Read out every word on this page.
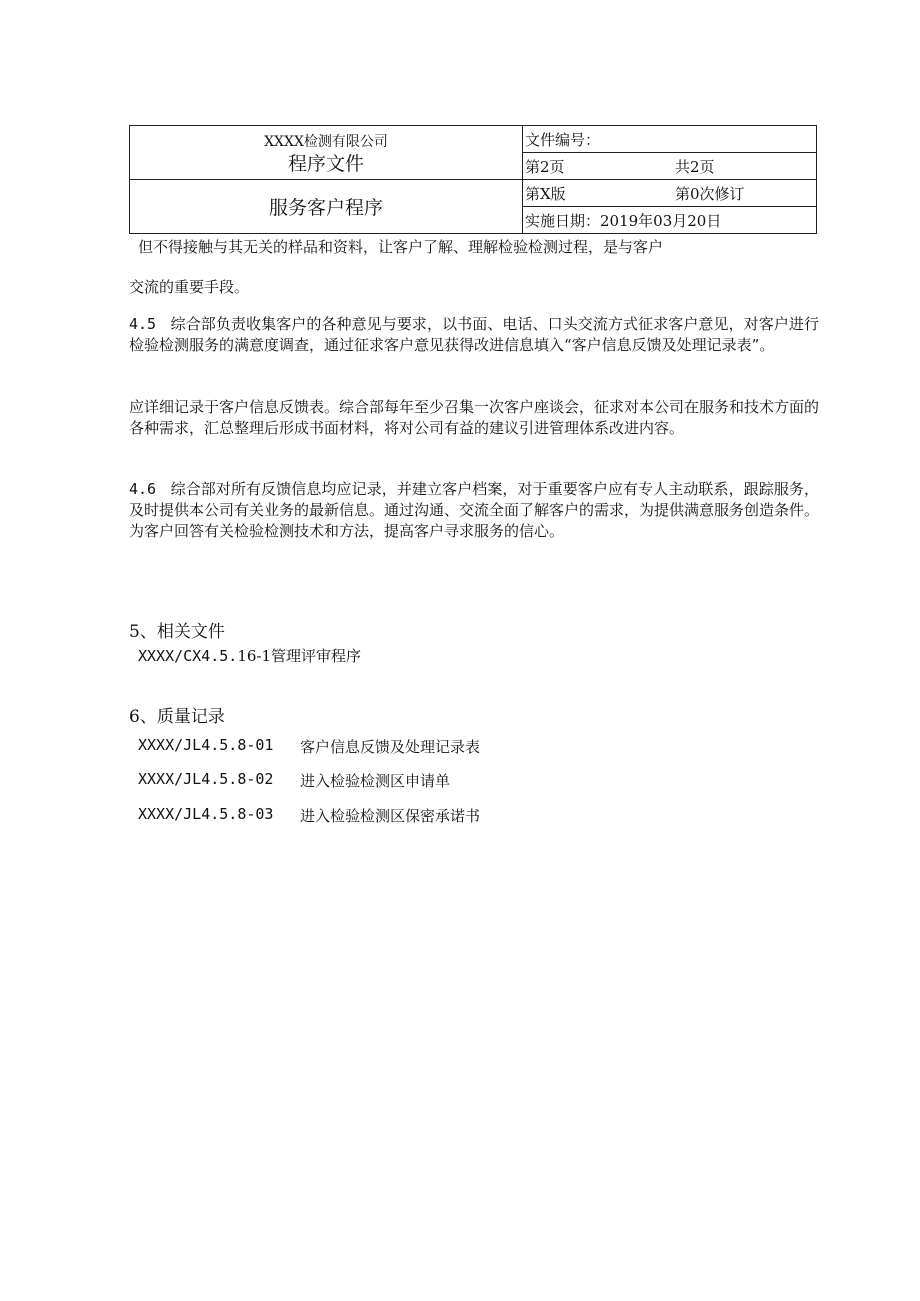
XXXX检测有限公司
程序文件	文件编号：
	第2页 共2页
服务客户程序	第X版 第0次修订
	实施日期：2019年03月20日
但不得接触与其无关的样品和资料，让客户了解、理解检验检测过程，是与客户
交流的重要手段。
4.5 综合部负责收集客户的各种意见与要求，以书面、电话、口头交流方式征求客户意见，对客户进行检验检测服务的满意度调查，通过征求客户意见获得改进信息填入“客户信息反馈及处理记录表”。
应详细记录于客户信息反馈表。综合部每年至少召集一次客户座谈会，征求对本公司在服务和技术方面的各种需求，汇总整理后形成书面材料，将对公司有益的建议引进管理体系改进内容。
4.6 综合部对所有反馈信息均应记录，并建立客户档案，对于重要客户应有专人主动联系，跟踪服务，及时提供本公司有关业务的最新信息。通过沟通、交流全面了解客户的需求，为提供满意服务创造条件。为客户回答有关检验检测技术和方法，提高客户寻求服务的信心。
5、相关文件
XXXX/CX4.5.16-1管理评审程序
6、质量记录
XXXX/JL4.5.8-01 客户信息反馈及处理记录表
XXXX/JL4.5.8-02 进入检验检测区申请单
XXXX/JL4.5.8-03 进入检验检测区保密承诺书
